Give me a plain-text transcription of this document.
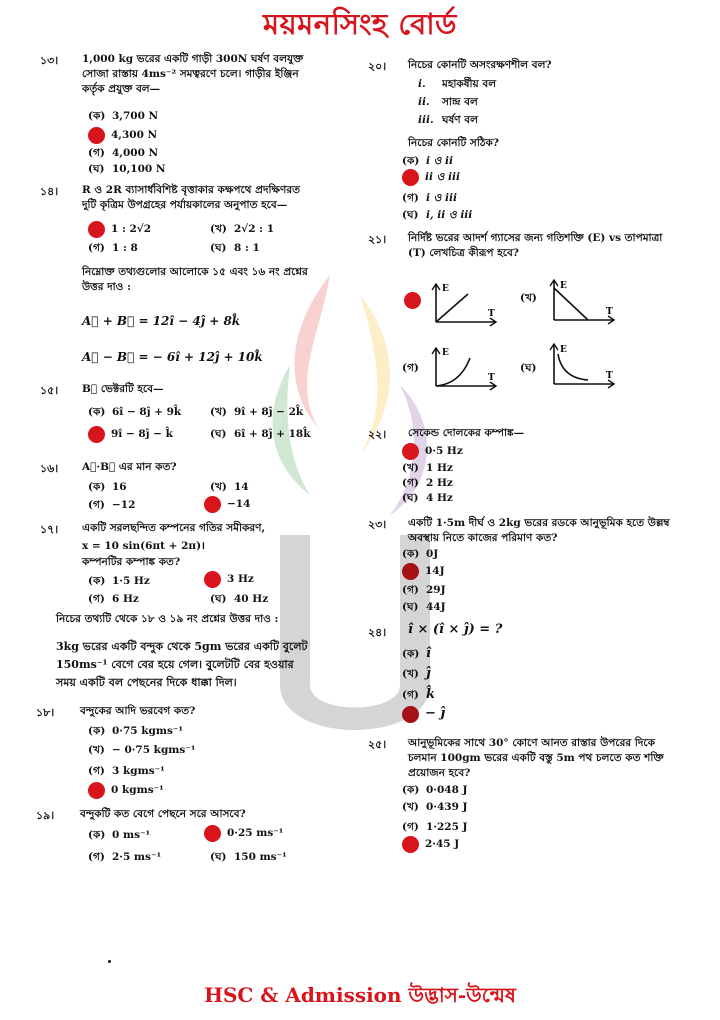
ময়মনসিংহ বোর্ড
১৩। 1,000 kg ভরের একটি গাড়ী 300N ঘর্ষণ বলযুক্ত সোজা রাস্তায় 4ms⁻² সমত্বরণে চলে। গাড়ীর ইঞ্জিন কর্তৃক প্রযুক্ত বল—
(ক) 3,700 N
4,300 N
(গ) 4,000 N
(ঘ) 10,100 N
১৪। R ও 2R ব্যাসার্ধবিশিষ্ট বৃত্তাকার কক্ষপথে প্রদক্ষিণরত দুটি কৃত্রিম উপগ্রহের পর্যায়কালের অনুপাত হবে—
1 : 2√2	(খ) 2√2 : 1
(গ) 1 : 8	(ঘ) 8 : 1
নিম্নোক্ত তথ্যগুলোর আলোকে ১৫ এবং ১৬ নং প্রশ্নের উত্তর দাও :
A⃗ + B⃗ = 12î − 4ĵ + 8k̂
A⃗ − B⃗ = − 6î + 12ĵ + 10k̂
১৫। B⃗ ভেক্টরটি হবে—
(ক) 6î − 8ĵ + 9k̂	(খ) 9î + 8ĵ − 2k̂
9î − 8ĵ − k̂	(ঘ) 6î + 8ĵ + 18k̂
১৬। A⃗·B⃗ এর মান কত?
(ক) 16	(খ) 14
(গ) −12	−14
১৭। একটি সরলছন্দিত কম্পনের গতির সমীকরণ,
x = 10 sin(6πt + 2π)।
কম্পনটির কম্পাঙ্ক কত?
(ক) 1·5 Hz	3 Hz
(গ) 6 Hz	(ঘ) 40 Hz
নিচের তথ্যটি থেকে ১৮ ও ১৯ নং প্রশ্নের উত্তর দাও :
3kg ভরের একটি বন্দুক থেকে 5gm ভরের একটি বুলেট 150ms⁻¹ বেগে বের হয়ে গেল। বুলেটটি বের হওয়ার সময় একটি বল পেছনের দিকে ধাক্কা দিল।
১৮। বন্দুকের আদি ভরবেগ কত?
(ক) 0·75 kgms⁻¹
(খ) − 0·75 kgms⁻¹
(গ) 3 kgms⁻¹
0 kgms⁻¹
১৯। বন্দুকটি কত বেগে পেছনে সরে আসবে?
(ক) 0 ms⁻¹	0·25 ms⁻¹
(গ) 2·5 ms⁻¹	(ঘ) 150 ms⁻¹
২০। নিচের কোনটি অসংরক্ষণশীল বল?
i.	মহাকর্ষীয় বল
ii.	সান্দ্র বল
iii. ঘর্ষণ বল
নিচের কোনটি সঠিক?
(ক) i ও ii
ii ও iii
(গ) i ও iii
(ঘ) i, ii ও iii
২১। নির্দিষ্ট ভরের আদর্শ গ্যাসের জন্য গতিশক্তি (E) vs তাপমাত্রা (T) লেখচিত্র কীরূপ হবে?
E
T
(খ)
E
T
(গ)
E
T
(ঘ)
E
T
২২। সেকেন্ড দোলকের কম্পাঙ্ক—
0·5 Hz
(খ) 1 Hz
(গ) 2 Hz
(ঘ) 4 Hz
২৩। একটি 1·5m দীর্ঘ ও 2kg ভরের রডকে আনুভূমিক হতে উল্লম্ব অবস্থায় নিতে কাজের পরিমাণ কত?
(ক) 0J
14J
(গ) 29J
(ঘ) 44J
২৪। î × (î × ĵ) = ?
(ক) î
(খ) ĵ
(গ) k̂
− ĵ
২৫। আনুভূমিকের সাথে 30° কোণে আনত রাস্তার উপরের দিকে চলমান 100gm ভরের একটি বস্তু 5m পথ চলতে কত শক্তি প্রয়োজন হবে?
(ক) 0·048 J
(খ) 0·439 J
(গ) 1·225 J
2·45 J
HSC & Admission উদ্ভাস-উন্মেষ
